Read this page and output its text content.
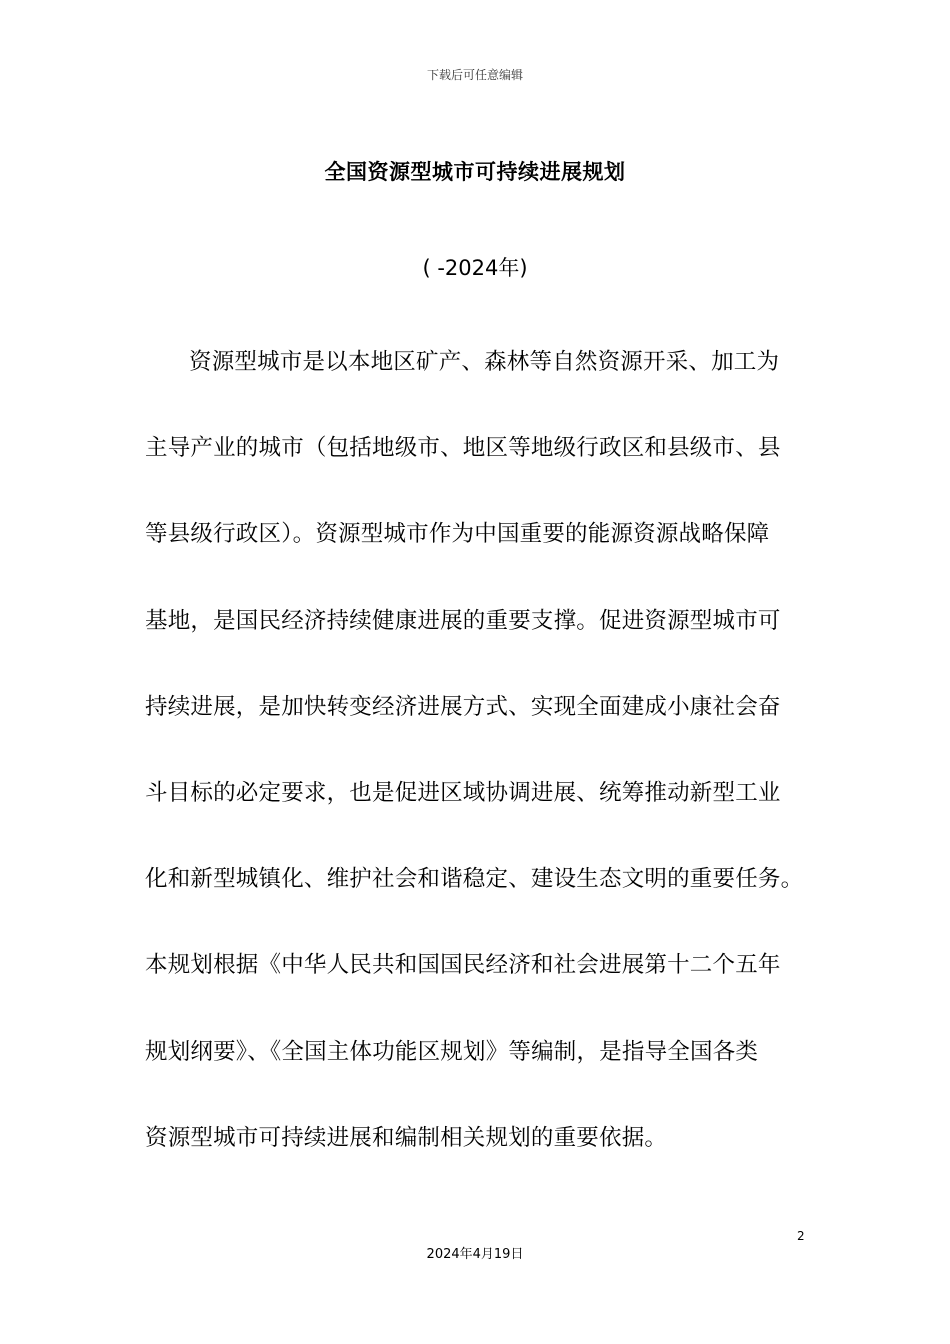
下载后可任意编辑
全国资源型城市可持续进展规划
( -2024年)
资源型城市是以本地区矿产、森林等自然资源开采、加工为
主导产业的城市（包括地级市、地区等地级行政区和县级市、县
等县级行政区）。资源型城市作为中国重要的能源资源战略保障
基地，是国民经济持续健康进展的重要支撑。促进资源型城市可
持续进展，是加快转变经济进展方式、实现全面建成小康社会奋
斗目标的必定要求，也是促进区域协调进展、统筹推动新型工业
化和新型城镇化、维护社会和谐稳定、建设生态文明的重要任务。
本规划根据《中华人民共和国国民经济和社会进展第十二个五年
规划纲要》、《全国主体功能区规划》等编制，是指导全国各类
资源型城市可持续进展和编制相关规划的重要依据。
2
2024年4月19日
